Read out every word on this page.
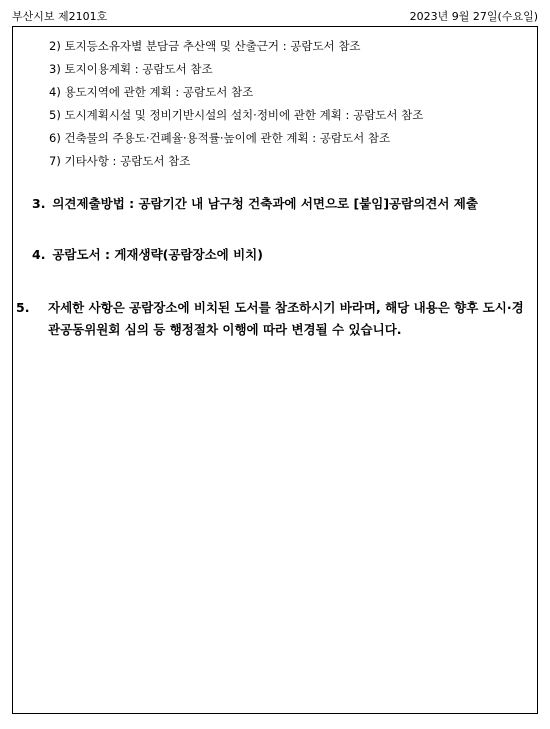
부산시보 제2101호	2023년 9월 27일(수요일)
2) 토지등소유자별 분담금 추산액 및 산출근거 : 공람도서 참조
3) 토지이용계획 : 공람도서 참조
4) 용도지역에 관한 계획 : 공람도서 참조
5) 도시계획시설 및 정비기반시설의 설치·정비에 관한 계획 : 공람도서 참조
6) 건축물의 주용도·건폐율·용적률·높이에 관한 계획 : 공람도서 참조
7) 기타사항 : 공람도서 참조
3. 의견제출방법 : 공람기간 내 남구청 건축과에 서면으로 [붙임]공람의견서 제출
4. 공람도서 : 게재생략(공람장소에 비치)
5. 자세한 사항은 공람장소에 비치된 도서를 참조하시기 바라며, 해당 내용은 향후 도시·경관공동위원회 심의 등 행정절차 이행에 따라 변경될 수 있습니다.
